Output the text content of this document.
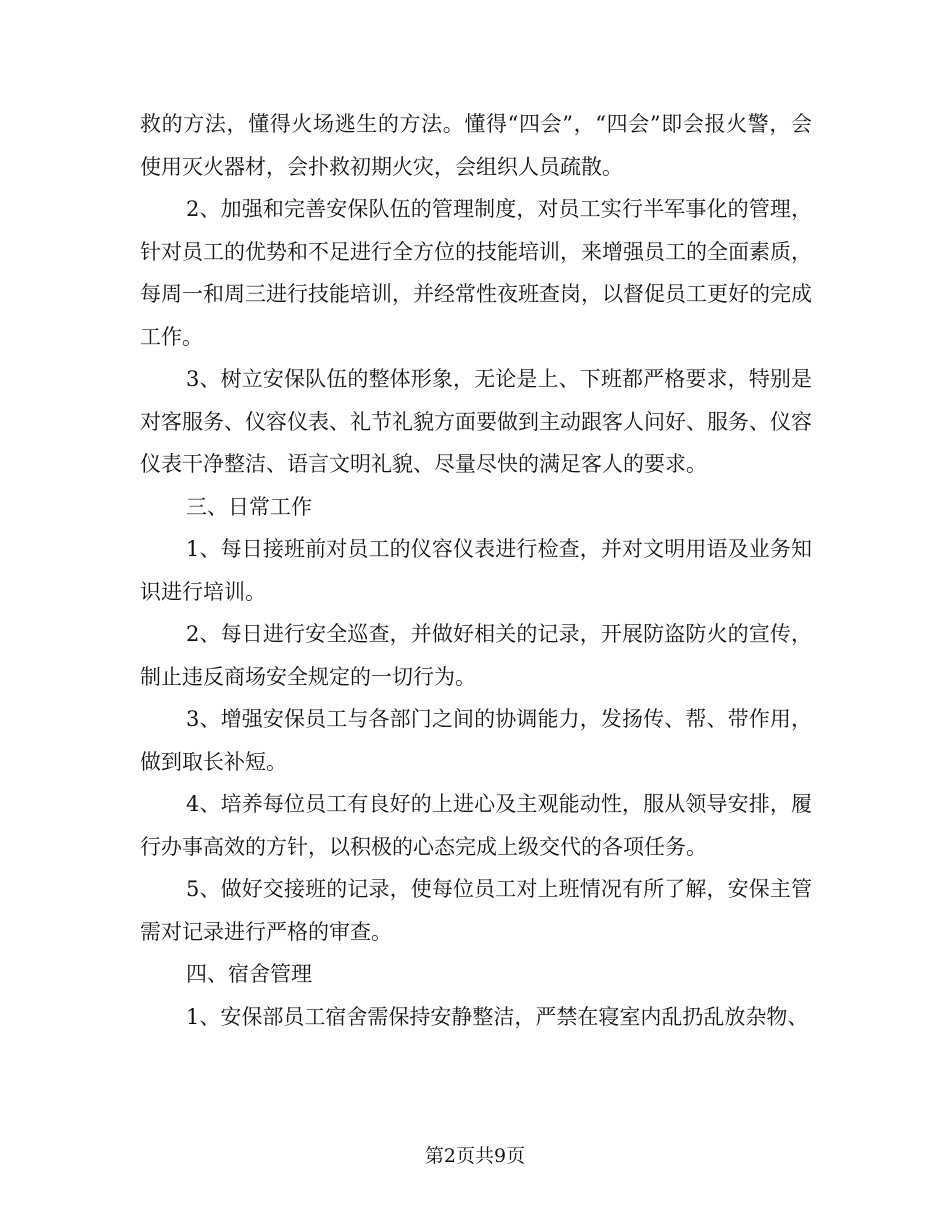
救的方法，懂得火场逃生的方法。懂得“四会”，“四会”即会报火警，会使用灭火器材，会扑救初期火灾，会组织人员疏散。

2、加强和完善安保队伍的管理制度，对员工实行半军事化的管理，针对员工的优势和不足进行全方位的技能培训，来增强员工的全面素质，每周一和周三进行技能培训，并经常性夜班查岗，以督促员工更好的完成工作。

3、树立安保队伍的整体形象，无论是上、下班都严格要求，特别是对客服务、仪容仪表、礼节礼貌方面要做到主动跟客人问好、服务、仪容仪表干净整洁、语言文明礼貌、尽量尽快的满足客人的要求。

三、日常工作

1、每日接班前对员工的仪容仪表进行检查，并对文明用语及业务知识进行培训。

2、每日进行安全巡查，并做好相关的记录，开展防盗防火的宣传，制止违反商场安全规定的一切行为。

3、增强安保员工与各部门之间的协调能力，发扬传、帮、带作用，做到取长补短。

4、培养每位员工有良好的上进心及主观能动性，服从领导安排，履行办事高效的方针，以积极的心态完成上级交代的各项任务。

5、做好交接班的记录，使每位员工对上班情况有所了解，安保主管需对记录进行严格的审查。

四、宿舍管理

1、安保部员工宿舍需保持安静整洁，严禁在寝室内乱扔乱放杂物、

第2页共9页
